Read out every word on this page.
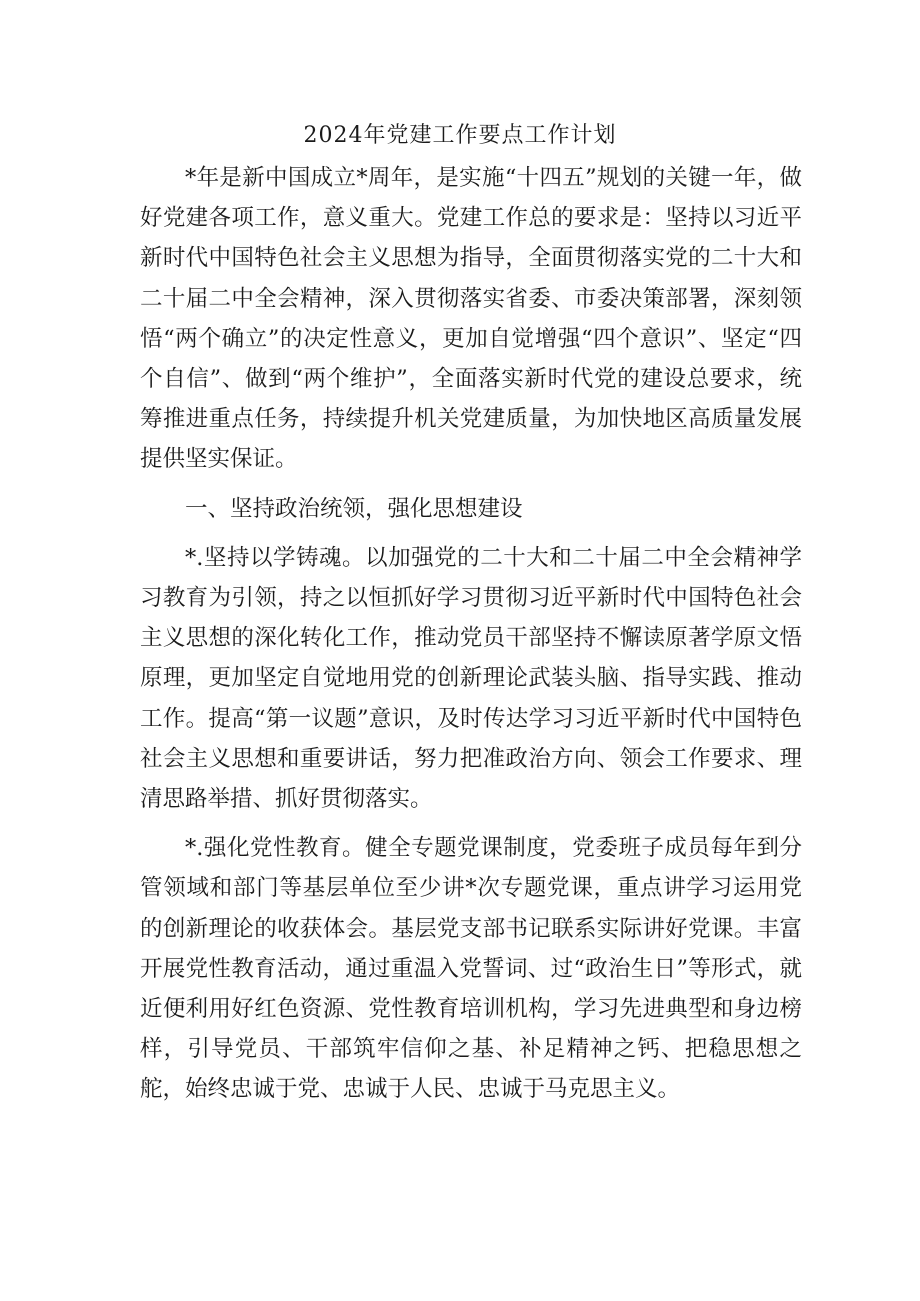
2024年党建工作要点工作计划

*年是新中国成立*周年，是实施“十四五”规划的关键一年，做好党建各项工作，意义重大。党建工作总的要求是：坚持以习近平新时代中国特色社会主义思想为指导，全面贯彻落实党的二十大和二十届二中全会精神，深入贯彻落实省委、市委决策部署，深刻领悟“两个确立”的决定性意义，更加自觉增强“四个意识”、坚定“四个自信”、做到“两个维护”，全面落实新时代党的建设总要求，统筹推进重点任务，持续提升机关党建质量，为加快地区高质量发展提供坚实保证。

一、坚持政治统领，强化思想建设

*.坚持以学铸魂。以加强党的二十大和二十届二中全会精神学习教育为引领，持之以恒抓好学习贯彻习近平新时代中国特色社会主义思想的深化转化工作，推动党员干部坚持不懈读原著学原文悟原理，更加坚定自觉地用党的创新理论武装头脑、指导实践、推动工作。提高“第一议题”意识，及时传达学习习近平新时代中国特色社会主义思想和重要讲话，努力把准政治方向、领会工作要求、理清思路举措、抓好贯彻落实。

*.强化党性教育。健全专题党课制度，党委班子成员每年到分管领域和部门等基层单位至少讲*次专题党课，重点讲学习运用党的创新理论的收获体会。基层党支部书记联系实际讲好党课。丰富开展党性教育活动，通过重温入党誓词、过“政治生日”等形式，就近便利用好红色资源、党性教育培训机构，学习先进典型和身边榜样，引导党员、干部筑牢信仰之基、补足精神之钙、把稳思想之舵，始终忠诚于党、忠诚于人民、忠诚于马克思主义。
